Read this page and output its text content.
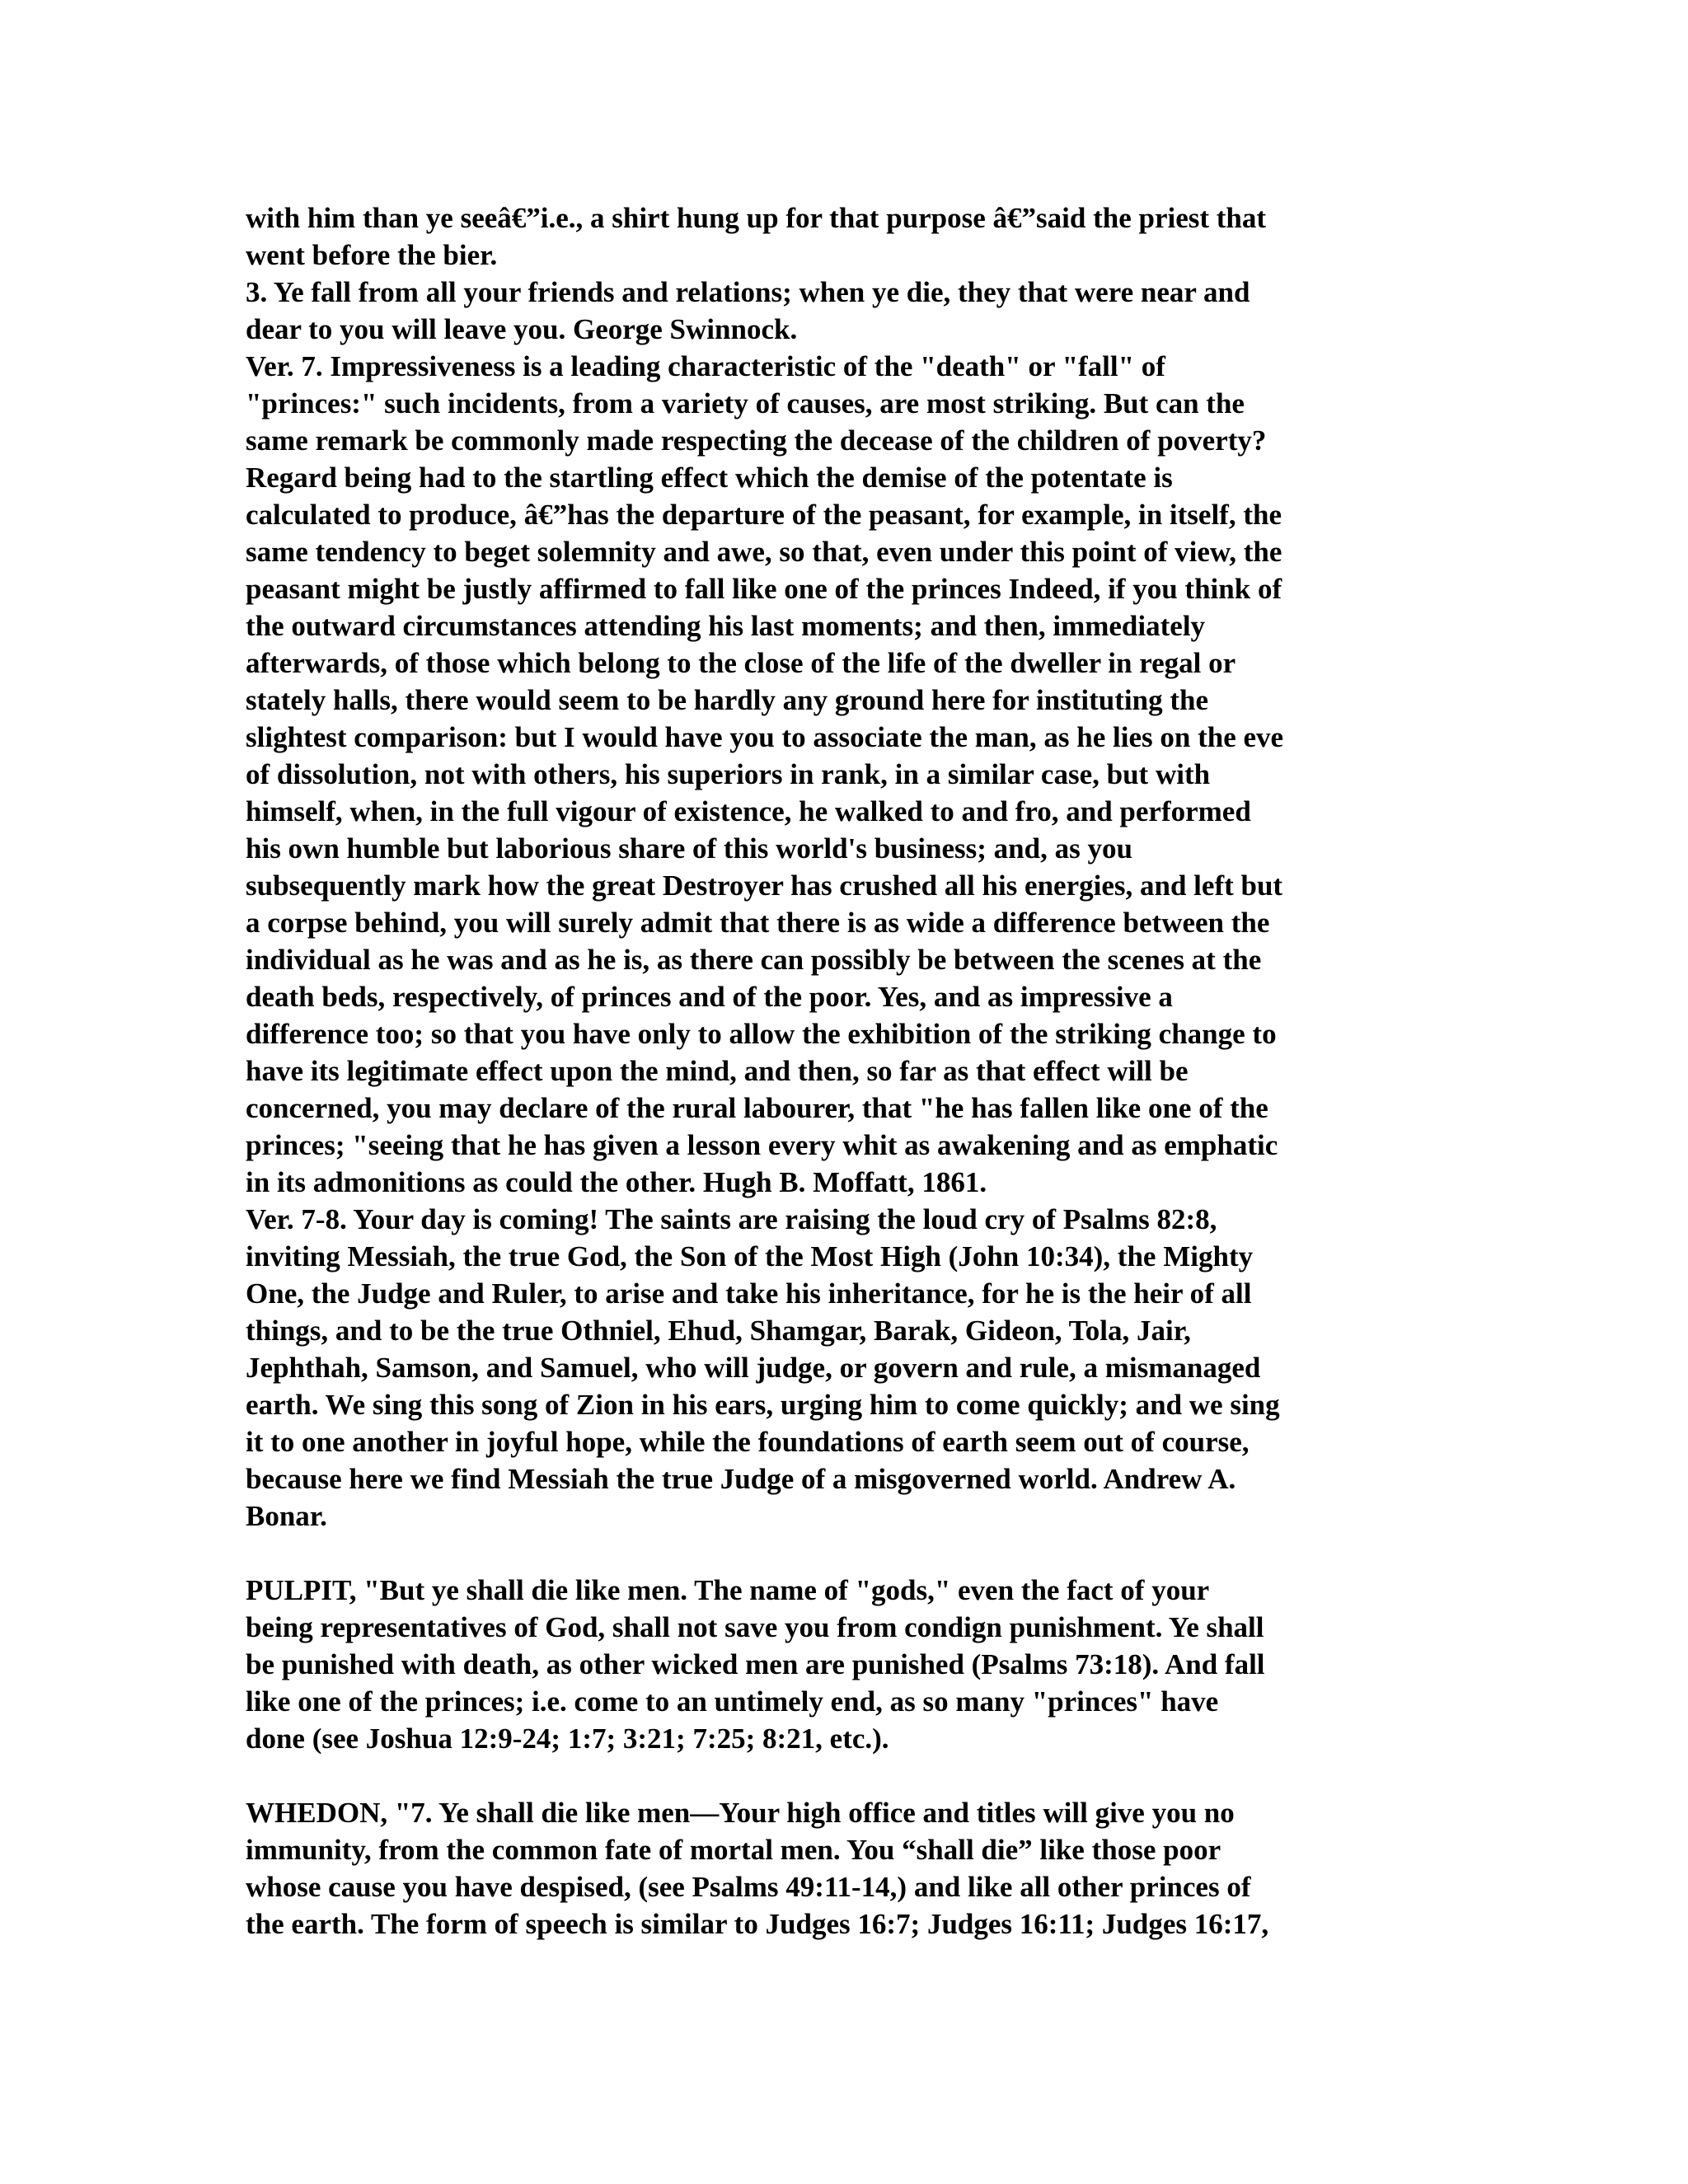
with him than ye seeâ€”i.e., a shirt hung up for that purpose â€”said the priest that
went before the bier.
3. Ye fall from all your friends and relations; when ye die, they that were near and
dear to you will leave you. George Swinnock.
Ver. 7. Impressiveness is a leading characteristic of the "death" or "fall" of
"princes:" such incidents, from a variety of causes, are most striking. But can the
same remark be commonly made respecting the decease of the children of poverty?
Regard being had to the startling effect which the demise of the potentate is
calculated to produce, â€”has the departure of the peasant, for example, in itself, the
same tendency to beget solemnity and awe, so that, even under this point of view, the
peasant might be justly affirmed to fall like one of the princes Indeed, if you think of
the outward circumstances attending his last moments; and then, immediately
afterwards, of those which belong to the close of the life of the dweller in regal or
stately halls, there would seem to be hardly any ground here for instituting the
slightest comparison: but I would have you to associate the man, as he lies on the eve
of dissolution, not with others, his superiors in rank, in a similar case, but with
himself, when, in the full vigour of existence, he walked to and fro, and performed
his own humble but laborious share of this world's business; and, as you
subsequently mark how the great Destroyer has crushed all his energies, and left but
a corpse behind, you will surely admit that there is as wide a difference between the
individual as he was and as he is, as there can possibly be between the scenes at the
death beds, respectively, of princes and of the poor. Yes, and as impressive a
difference too; so that you have only to allow the exhibition of the striking change to
have its legitimate effect upon the mind, and then, so far as that effect will be
concerned, you may declare of the rural labourer, that "he has fallen like one of the
princes; "seeing that he has given a lesson every whit as awakening and as emphatic
in its admonitions as could the other. Hugh B. Moffatt, 1861.
Ver. 7-8. Your day is coming! The saints are raising the loud cry of Psalms 82:8,
inviting Messiah, the true God, the Son of the Most High (John 10:34), the Mighty
One, the Judge and Ruler, to arise and take his inheritance, for he is the heir of all
things, and to be the true Othniel, Ehud, Shamgar, Barak, Gideon, Tola, Jair,
Jephthah, Samson, and Samuel, who will judge, or govern and rule, a mismanaged
earth. We sing this song of Zion in his ears, urging him to come quickly; and we sing
it to one another in joyful hope, while the foundations of earth seem out of course,
because here we find Messiah the true Judge of a misgoverned world. Andrew A.
Bonar.
PULPIT, "But ye shall die like men. The name of "gods," even the fact of your
being representatives of God, shall not save you from condign punishment. Ye shall
be punished with death, as other wicked men are punished (Psalms 73:18). And fall
like one of the princes; i.e. come to an untimely end, as so many "princes" have
done (see Joshua 12:9-24; 1:7; 3:21; 7:25; 8:21, etc.).
WHEDON, "7. Ye shall die like men—Your high office and titles will give you no
immunity, from the common fate of mortal men. You “shall die” like those poor
whose cause you have despised, (see Psalms 49:11-14,) and like all other princes of
the earth. The form of speech is similar to Judges 16:7; Judges 16:11; Judges 16:17,
